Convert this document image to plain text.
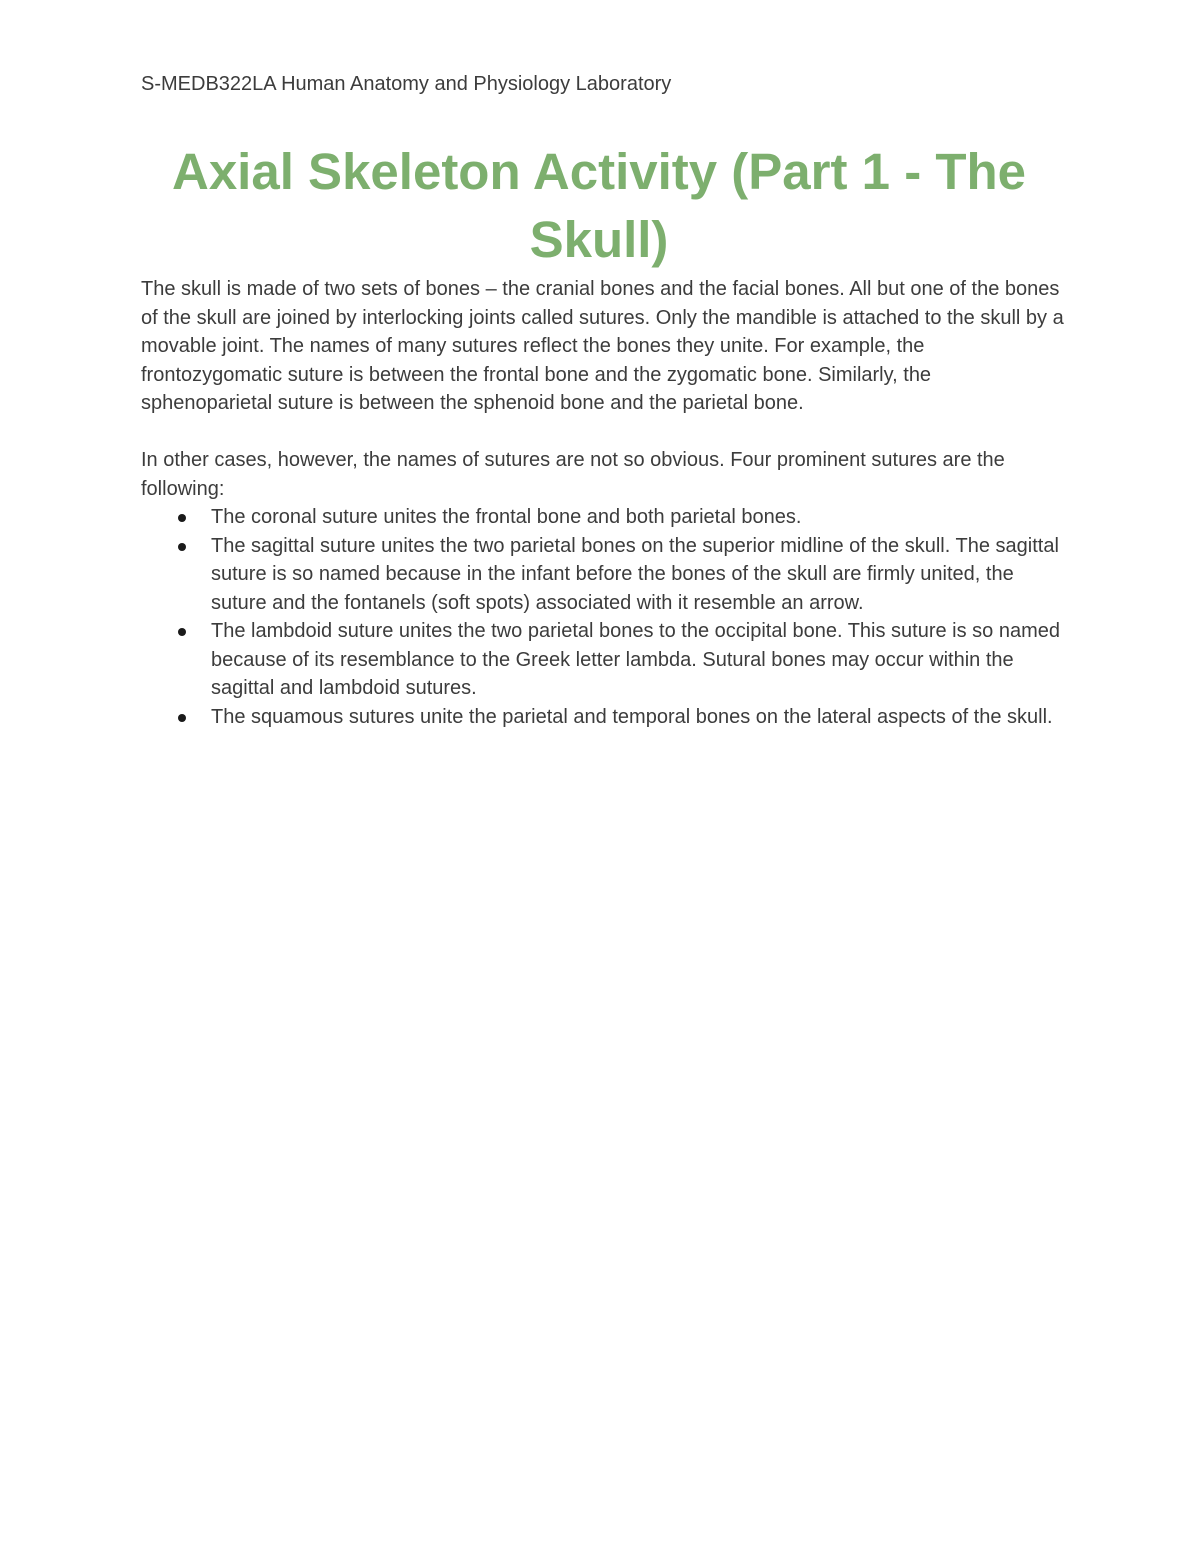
S-MEDB322LA Human Anatomy and Physiology Laboratory
Axial Skeleton Activity (Part 1 - The Skull)

The skull is made of two sets of bones – the cranial bones and the facial bones. All but one of the bones of the skull are joined by interlocking joints called sutures. Only the mandible is attached to the skull by a movable joint. The names of many sutures reflect the bones they unite. For example, the frontozygomatic suture is between the frontal bone and the zygomatic bone. Similarly, the sphenoparietal suture is between the sphenoid bone and the parietal bone.

In other cases, however, the names of sutures are not so obvious. Four prominent sutures are the following:

The coronal suture unites the frontal bone and both parietal bones.
The sagittal suture unites the two parietal bones on the superior midline of the skull. The sagittal suture is so named because in the infant before the bones of the skull are firmly united, the suture and the fontanels (soft spots) associated with it resemble an arrow.
The lambdoid suture unites the two parietal bones to the occipital bone. This suture is so named because of its resemblance to the Greek letter lambda. Sutural bones may occur within the sagittal and lambdoid sutures.
The squamous sutures unite the parietal and temporal bones on the lateral aspects of the skull.
